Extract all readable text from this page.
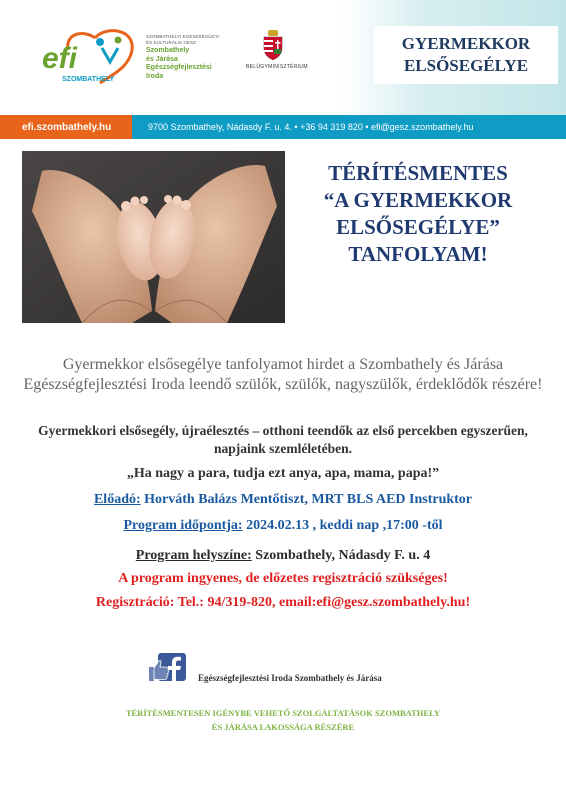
efi
SZOMBATHELY
SZOMBATHELYI EGÉSZSÉGÜGYI
ÉS KULTURÁLIS GESZ
Szombathely
és Járása
Egészségfejlesztési
Iroda
BELÜGYMINISZTÉRIUM
GYERMEKKOR
ELSŐSEGÉLYE
efi.szombathely.hu	9700 Szombathely, Nádasdy F. u. 4. • +36 94 319 820 • efi@gesz.szombathely.hu
TÉRÍTÉSMENTES
“A GYERMEKKOR
ELSŐSEGÉLYE”
TANFOLYAM!
Gyermekkor elsősegélye tanfolyamot hirdet a Szombathely és Járása Egészségfejlesztési Iroda leendő szülők, szülők, nagyszülők, érdeklődők részére!
Gyermekkori elsősegély, újraélesztés – otthoni teendők az első percekben egyszerűen, napjaink szemléletében.
„Ha nagy a para, tudja ezt anya, apa, mama, papa!”
Előadó: Horváth Balázs Mentőtiszt, MRT BLS AED Instruktor
Program időpontja: 2024.02.13 , keddi nap ,17:00 -től
Program helyszíne: Szombathely, Nádasdy F. u. 4
A program ingyenes, de előzetes regisztráció szükséges!
Regisztráció: Tel.: 94/319-820, email:efi@gesz.szombathely.hu!
Egészségfejlesztési Iroda Szombathely és Járása
TÉRÍTÉSMENTESEN IGÉNYBE VEHETŐ SZOLGÁLTATÁSOK SZOMBATHELY
ÉS JÁRÁSA LAKOSSÁGA RÉSZÉRE
